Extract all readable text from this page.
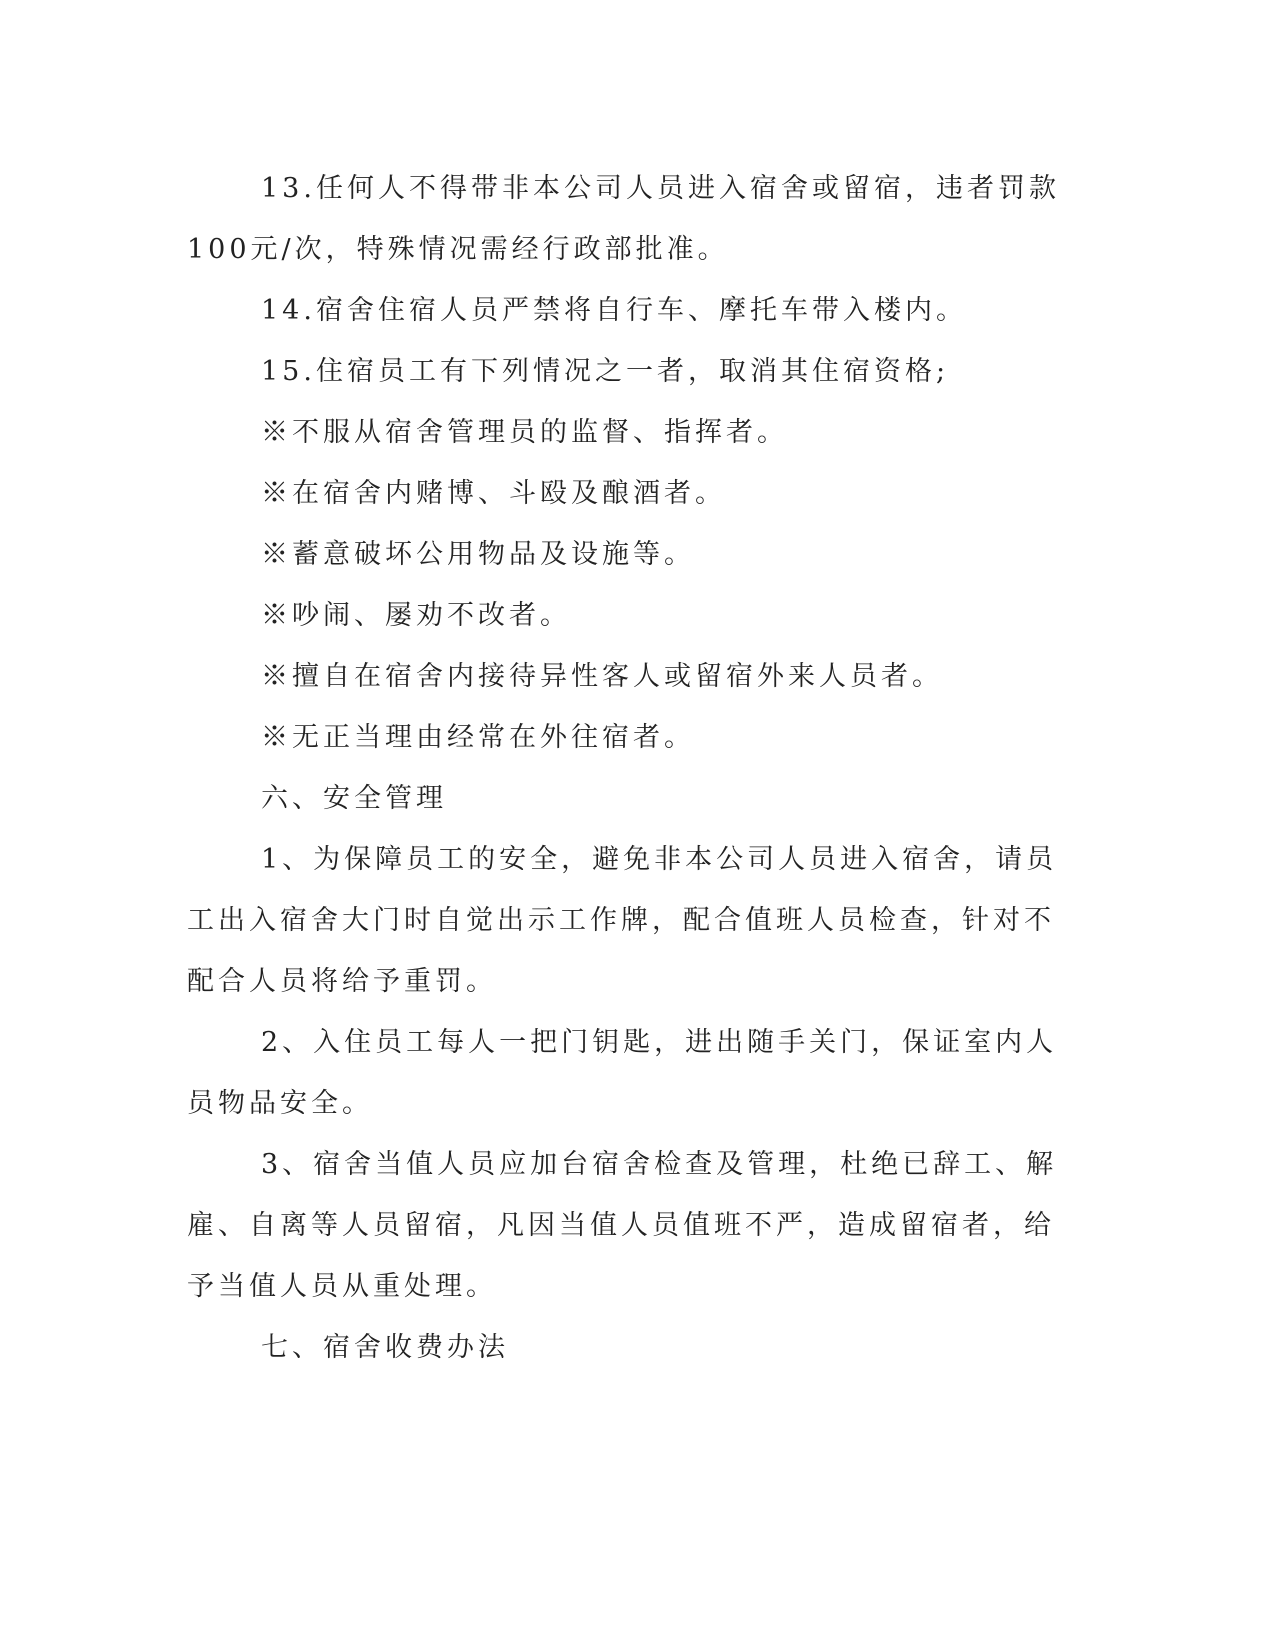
13.任何人不得带非本公司人员进入宿舍或留宿，违者罚款100元/次，特殊情况需经行政部批准。

14.宿舍住宿人员严禁将自行车、摩托车带入楼内。

15.住宿员工有下列情况之一者，取消其住宿资格;

※不服从宿舍管理员的监督、指挥者。

※在宿舍内赌博、斗殴及酿酒者。

※蓄意破坏公用物品及设施等。

※吵闹、屡劝不改者。

※擅自在宿舍内接待异性客人或留宿外来人员者。

※无正当理由经常在外往宿者。

六、安全管理

1、为保障员工的安全，避免非本公司人员进入宿舍，请员工出入宿舍大门时自觉出示工作牌，配合值班人员检查，针对不配合人员将给予重罚。

2、入住员工每人一把门钥匙，进出随手关门，保证室内人员物品安全。

3、宿舍当值人员应加台宿舍检查及管理，杜绝已辞工、解雇、自离等人员留宿，凡因当值人员值班不严，造成留宿者，给予当值人员从重处理。

七、宿舍收费办法
